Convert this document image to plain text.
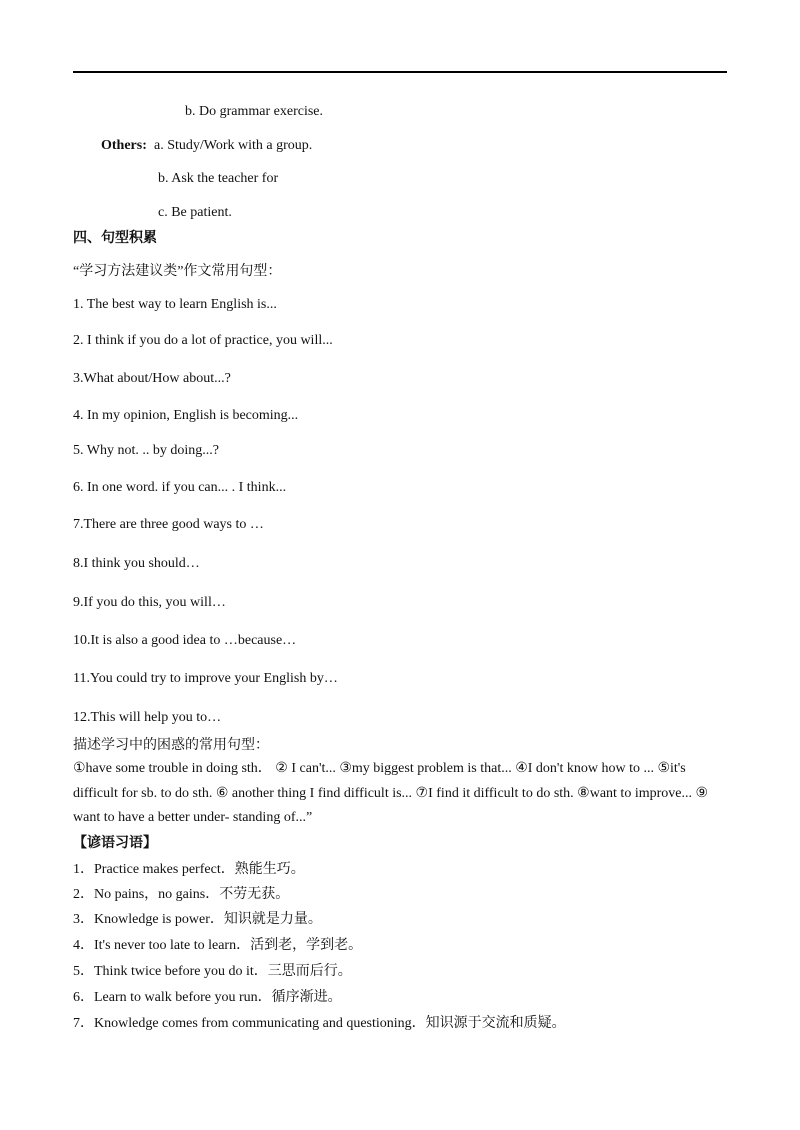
b. Do grammar exercise.
Others: a. Study/Work with a group.
b. Ask the teacher for
c. Be patient.
四、句型积累
“学习方法建议类”作文常用句型：
1. The best way to learn English is...
2. I think if you do a lot of practice, you will...
3.What about/How about...?
4. In my opinion, English is becoming...
5. Why not. .. by doing...?
6. In one word. if you can... . I think...
7.There are three good ways to …
8.I think you should…
9.If you do this, you will…
10.It is also a good idea to …because…
11.You could try to improve your English by…
12.This will help you to…
描述学习中的困惑的常用句型：
①have some trouble in doing sth． ② I can't... ③my biggest problem is that... ④I don't know how to ... ⑤it's difficult for sb. to do sth. ⑥ another thing I find difficult is... ⑦I find it difficult to do sth. ⑧want to improve... ⑨ want to have a better under- standing of...”
【谚语习语】
1．Practice makes perfect．熟能生巧。
2．No pains，no gains．不劳无获。
3．Knowledge is power．知识就是力量。
4．It's never too late to learn．活到老，学到老。
5．Think twice before you do it．三思而后行。
6．Learn to walk before you run．循序渐进。
7．Knowledge comes from communicating and questioning．知识源于交流和质疑。
